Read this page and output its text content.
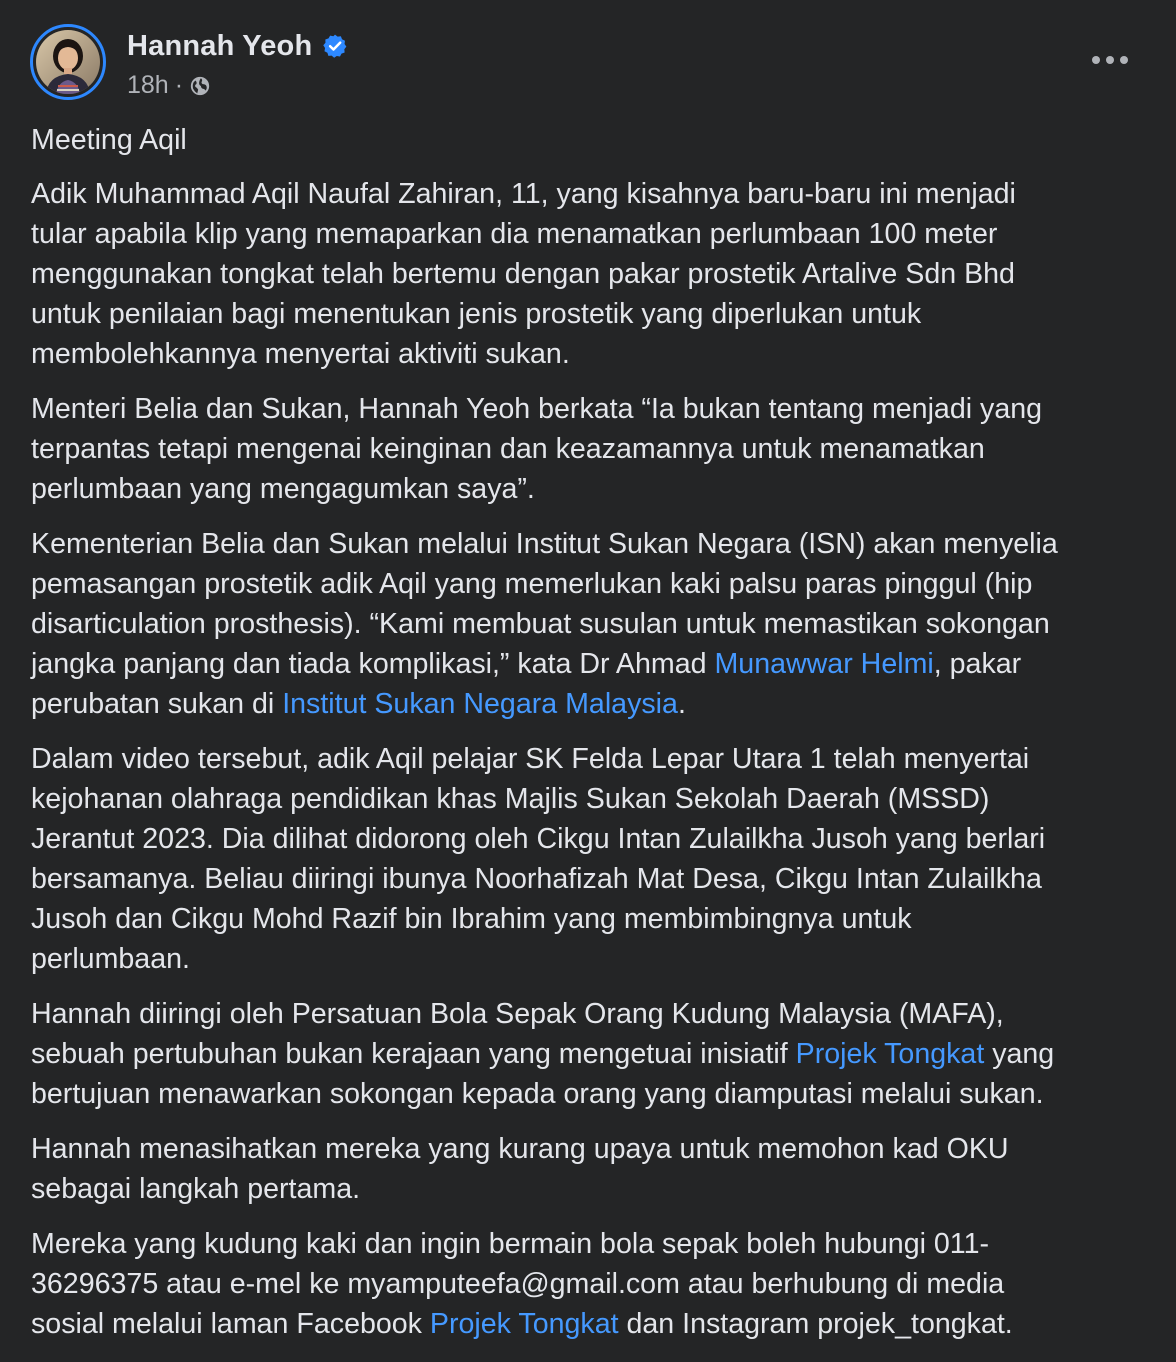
Hannah Yeoh
18h ·

Meeting Aqil

Adik Muhammad Aqil Naufal Zahiran, 11, yang kisahnya baru-baru ini menjadi
tular apabila klip yang memaparkan dia menamatkan perlumbaan 100 meter
menggunakan tongkat telah bertemu dengan pakar prostetik Artalive Sdn Bhd
untuk penilaian bagi menentukan jenis prostetik yang diperlukan untuk
membolehkannya menyertai aktiviti sukan.

Menteri Belia dan Sukan, Hannah Yeoh berkata “Ia bukan tentang menjadi yang
terpantas tetapi mengenai keinginan dan keazamannya untuk menamatkan
perlumbaan yang mengagumkan saya”.

Kementerian Belia dan Sukan melalui Institut Sukan Negara (ISN) akan menyelia
pemasangan prostetik adik Aqil yang memerlukan kaki palsu paras pinggul (hip
disarticulation prosthesis). “Kami membuat susulan untuk memastikan sokongan
jangka panjang dan tiada komplikasi,” kata Dr Ahmad Munawwar Helmi, pakar
perubatan sukan di Institut Sukan Negara Malaysia.

Dalam video tersebut, adik Aqil pelajar SK Felda Lepar Utara 1 telah menyertai
kejohanan olahraga pendidikan khas Majlis Sukan Sekolah Daerah (MSSD)
Jerantut 2023. Dia dilihat didorong oleh Cikgu Intan Zulailkha Jusoh yang berlari
bersamanya. Beliau diiringi ibunya Noorhafizah Mat Desa, Cikgu Intan Zulailkha
Jusoh dan Cikgu Mohd Razif bin Ibrahim yang membimbingnya untuk
perlumbaan.

Hannah diiringi oleh Persatuan Bola Sepak Orang Kudung Malaysia (MAFA),
sebuah pertubuhan bukan kerajaan yang mengetuai inisiatif Projek Tongkat yang
bertujuan menawarkan sokongan kepada orang yang diamputasi melalui sukan.

Hannah menasihatkan mereka yang kurang upaya untuk memohon kad OKU
sebagai langkah pertama.

Mereka yang kudung kaki dan ingin bermain bola sepak boleh hubungi 011-
36296375 atau e-mel ke myamputeefa@gmail.com atau berhubung di media
sosial melalui laman Facebook Projek Tongkat dan Instagram projek_tongkat.
